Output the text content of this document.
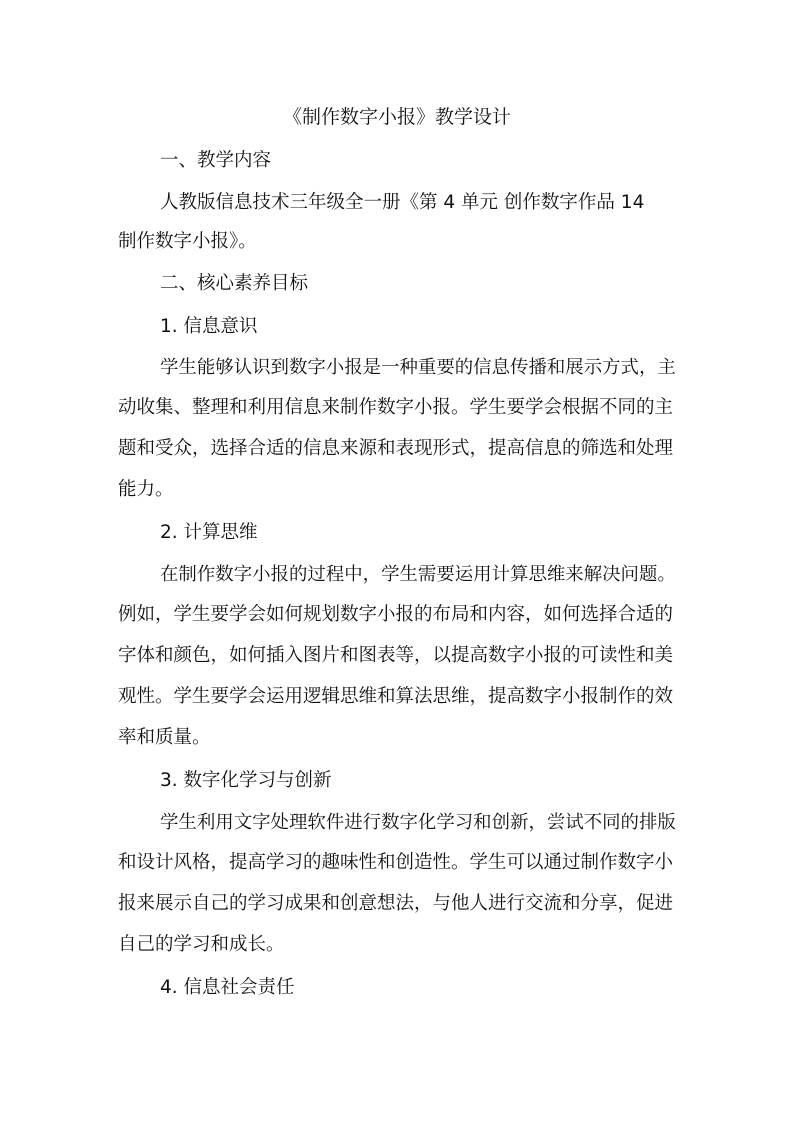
《制作数字小报》教学设计
一、教学内容
人教版信息技术三年级全一册《第 4 单元 创作数字作品 14
制作数字小报》。
二、核心素养目标
1. 信息意识
学生能够认识到数字小报是一种重要的信息传播和展示方式，主
动收集、整理和利用信息来制作数字小报。学生要学会根据不同的主
题和受众，选择合适的信息来源和表现形式，提高信息的筛选和处理
能力。
2. 计算思维
在制作数字小报的过程中，学生需要运用计算思维来解决问题。
例如，学生要学会如何规划数字小报的布局和内容，如何选择合适的
字体和颜色，如何插入图片和图表等，以提高数字小报的可读性和美
观性。学生要学会运用逻辑思维和算法思维，提高数字小报制作的效
率和质量。
3. 数字化学习与创新
学生利用文字处理软件进行数字化学习和创新，尝试不同的排版
和设计风格，提高学习的趣味性和创造性。学生可以通过制作数字小
报来展示自己的学习成果和创意想法，与他人进行交流和分享，促进
自己的学习和成长。
4. 信息社会责任
